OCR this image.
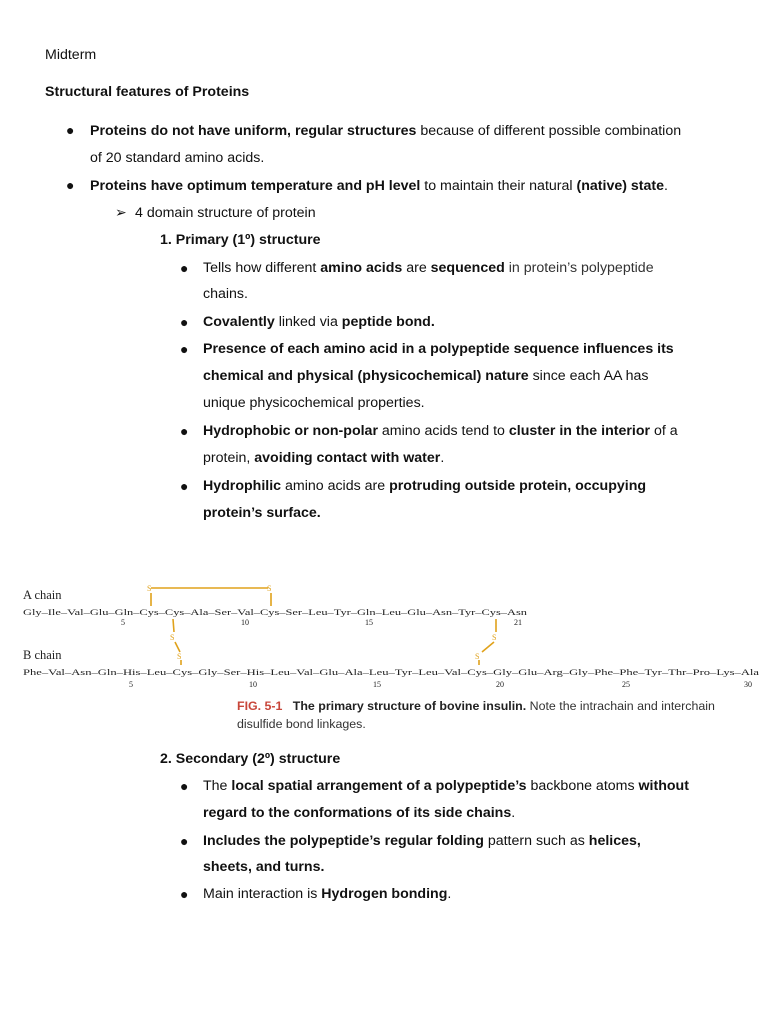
Midterm
Structural features of Proteins
● Proteins do not have uniform, regular structures because of different possible combination
of 20 standard amino acids.
● Proteins have optimum temperature and pH level to maintain their natural (native) state.
➢ 4 domain structure of protein
1. Primary (1º) structure
● Tells how different amino acids are sequenced in protein’s polypeptide
chains.
● Covalently linked via peptide bond.
● Presence of each amino acid in a polypeptide sequence influences its
chemical and physical (physicochemical) nature since each AA has
unique physicochemical properties.
● Hydrophobic or non-polar amino acids tend to cluster in the interior of a
protein, avoiding contact with water.
● Hydrophilic amino acids are protruding outside protein, occupying
protein’s surface.
A chain
Gly–Ile–Val–Glu–Gln–Cys–Cys–Ala–Ser–Val–Cys–Ser–Leu–Tyr–Gln–Leu–Glu–Asn–Tyr–Cys–Asn
5	10	15	21
S	S
S
S
S
S
B chain
Phe–Val–Asn–Gln–His–Leu–Cys–Gly–Ser–His–Leu–Val–Glu–Ala–Leu–Tyr–Leu–Val–Cys–Gly–Glu–Arg–Gly–Phe–Phe–Tyr–Thr–Pro–Lys–Ala
5	10	15	20	25	30
FIG. 5-1 The primary structure of bovine insulin. Note the intrachain and interchain
disulfide bond linkages.
2. Secondary (2º) structure
● The local spatial arrangement of a polypeptide’s backbone atoms without
regard to the conformations of its side chains.
● Includes the polypeptide’s regular folding pattern such as helices,
sheets, and turns.
● Main interaction is Hydrogen bonding.
